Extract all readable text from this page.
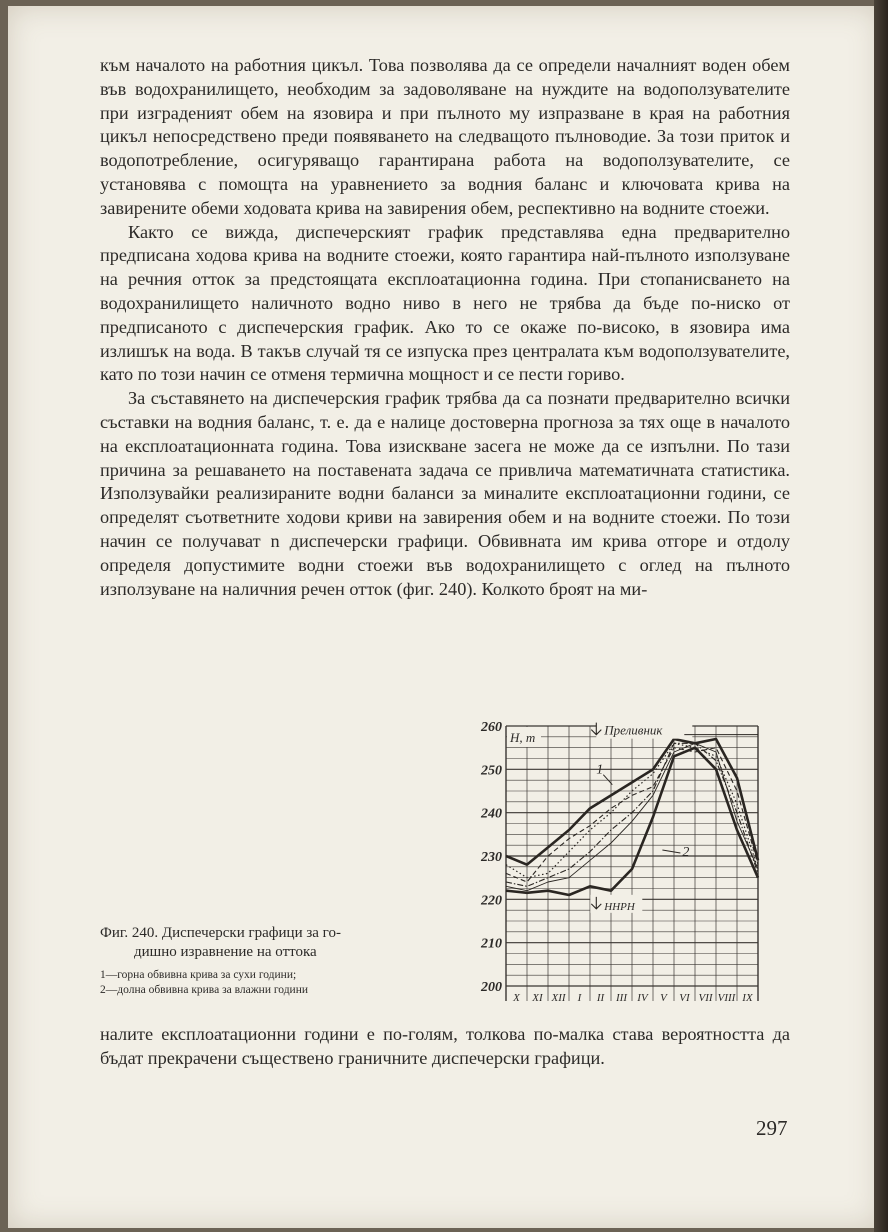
към началото на работния цикъл. Това позволява да се определи началният воден обем във водохранилището, необходим за задоволяване на нуждите на водоползувателите при изграденият обем на язовира и при пълното му изпразване в края на работния цикъл непосредствено преди появяването на следващото пълноводие. За този приток и водопотребление, осигуряващо гарантирана работа на водоползувателите, се установява с помощта на уравнението за водния баланс и ключовата крива на завирените обеми ходовата крива на завирения обем, респективно на водните стоежи.

Както се вижда, диспечерският график представлява една предварително предписана ходова крива на водните стоежи, която гарантира най-пълното използуване на речния отток за предстоящата експлоатационна година. При стопанисването на водохранилището наличното водно ниво в него не трябва да бъде по-ниско от предписаното с диспечерския график. Ако то се окаже по-високо, в язовира има излишък на вода. В такъв случай тя се изпуска през централата към водоползувателите, като по този начин се отменя термична мощност и се пести гориво.

За съставянето на диспечерския график трябва да са познати предварително всички съставки на водния баланс, т. е. да е налице достоверна прогноза за тях още в началото на експлоатационната година. Това изискване засега не може да се изпълни. По тази причина за решаването на поставената задача се привлича математичната статистика. Използувайки реализираните водни баланси за миналите експлоатационни години, се определят съответните ходови криви на завирения обем и на водните стоежи. По този начин се получават n диспечерски графици. Обвивната им крива отгоре и отдолу определя допустимите водни стоежи във водохранилището с оглед на пълното използуване на наличния речен отток (фиг. 240). Колкото броят на ми-

260
250
240
230
220
210
200
X XI XII I II III IV V VI VII VIII IX
H, m	Преливник
ННРН
1
2

Фиг. 240. Диспечерски графици за го-
дишно изравнение на оттока

1—горна обвивна крива за сухи години;
2—долна обвивна крива за влажни години

налите експлоатационни години е по-голям, толкова по-малка става вероятността да бъдат прекрачени съществено граничните диспечерски графици.

297
